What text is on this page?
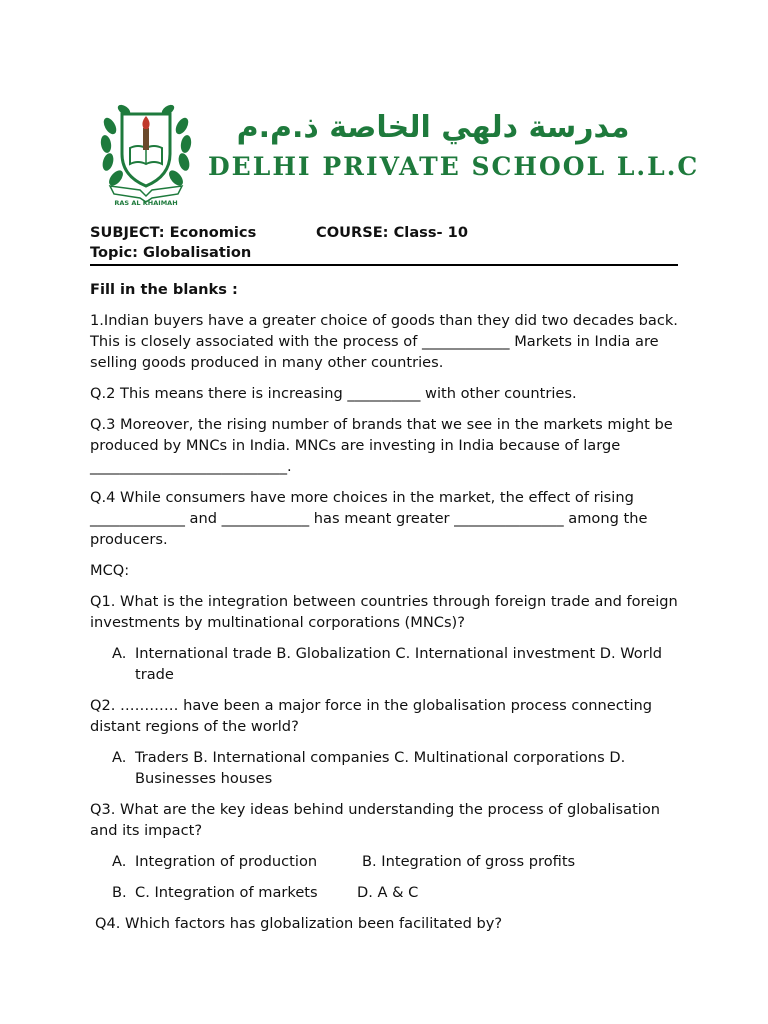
RAS AL KHAIMAH
مدرسة دلهي الخاصة ذ.م.م
DELHI PRIVATE SCHOOL L.L.C
SUBJECT: Economics	COURSE: Class- 10
Topic: Globalisation

Fill in the blanks :

1.Indian buyers have a greater choice of goods than they did two decades back. This is closely associated with the process of ____________ Markets in India are selling goods produced in many other countries.

Q.2 This means there is increasing __________ with other countries.

Q.3 Moreover, the rising number of brands that we see in the markets might be produced by MNCs in India. MNCs are investing in India because of large ___________________________.

Q.4 While consumers have more choices in the market, the effect of rising _____________ and ____________ has meant greater _______________ among the producers.

MCQ:

Q1. What is the integration between countries through foreign trade and foreign investments by multinational corporations (MNCs)?

A. International trade B. Globalization C. International investment D. World trade

Q2. ………… have been a major force in the globalisation process connecting distant regions of the world?

A. Traders B. International companies C. Multinational corporations D. Businesses houses

Q3. What are the key ideas behind understanding the process of globalisation and its impact?

A. Integration of production	B. Integration of gross profits
B. C. Integration of markets	D. A & C

Q4. Which factors has globalization been facilitated by?
